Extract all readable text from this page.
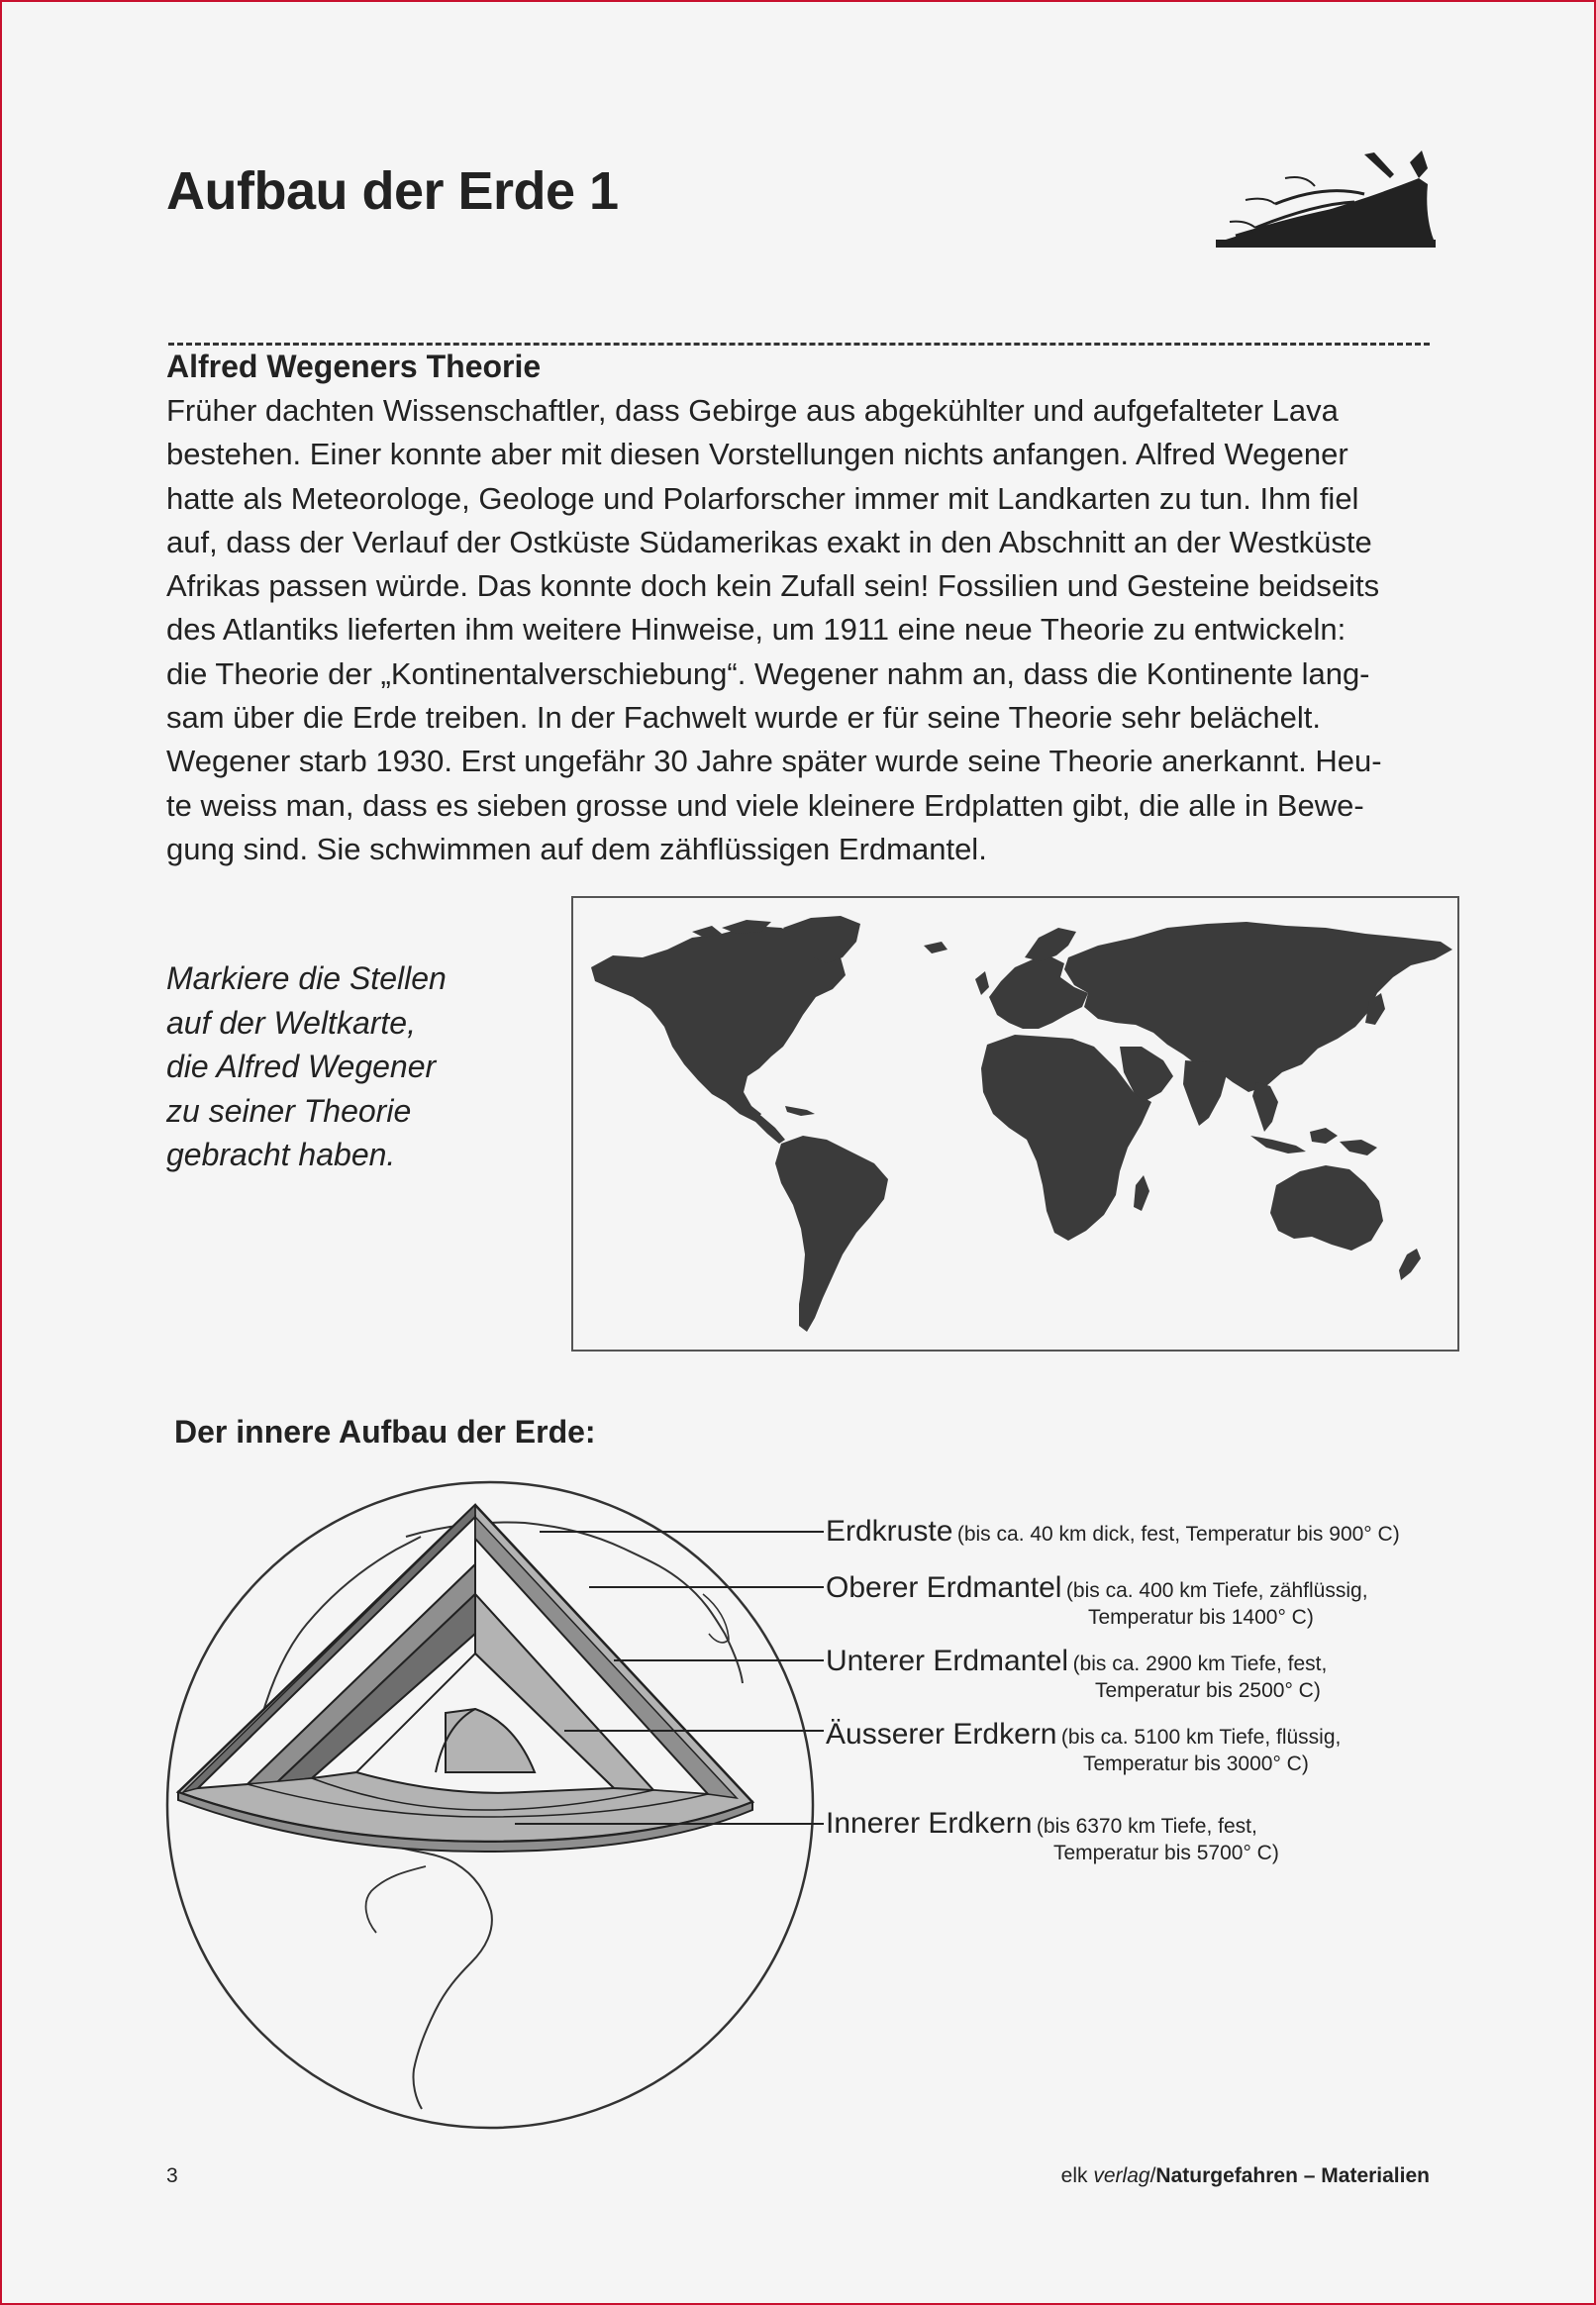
Aufbau der Erde 1
Alfred Wegeners Theorie
Früher dachten Wissenschaftler, dass Gebirge aus abgekühlter und aufgefalteter Lava
bestehen. Einer konnte aber mit diesen Vorstellungen nichts anfangen. Alfred Wegener
hatte als Meteorologe, Geologe und Polarforscher immer mit Landkarten zu tun. Ihm fiel
auf, dass der Verlauf der Ostküste Südamerikas exakt in den Abschnitt an der Westküste
Afrikas passen würde. Das konnte doch kein Zufall sein! Fossilien und Gesteine beidseits
des Atlantiks lieferten ihm weitere Hinweise, um 1911 eine neue Theorie zu entwickeln:
die Theorie der „Kontinentalverschiebung“. Wegener nahm an, dass die Kontinente lang-
sam über die Erde treiben. In der Fachwelt wurde er für seine Theorie sehr belächelt.
Wegener starb 1930. Erst ungefähr 30 Jahre später wurde seine Theorie anerkannt. Heu-
te weiss man, dass es sieben grosse und viele kleinere Erdplatten gibt, die alle in Bewe-
gung sind. Sie schwimmen auf dem zähflüssigen Erdmantel.
Markiere die Stellen
auf der Weltkarte,
die Alfred Wegener
zu seiner Theorie
gebracht haben.
Der innere Aufbau der Erde:
Erdkruste (bis ca. 40 km dick, fest, Temperatur bis 900° C)
Oberer Erdmantel (bis ca. 400 km Tiefe, zähflüssig,
Temperatur bis 1400° C)
Unterer Erdmantel (bis ca. 2900 km Tiefe, fest,
Temperatur bis 2500° C)
Äusserer Erdkern (bis ca. 5100 km Tiefe, flüssig,
Temperatur bis 3000° C)
Innerer Erdkern (bis 6370 km Tiefe, fest,
Temperatur bis 5700° C)
3	elk verlag/Naturgefahren – Materialien
